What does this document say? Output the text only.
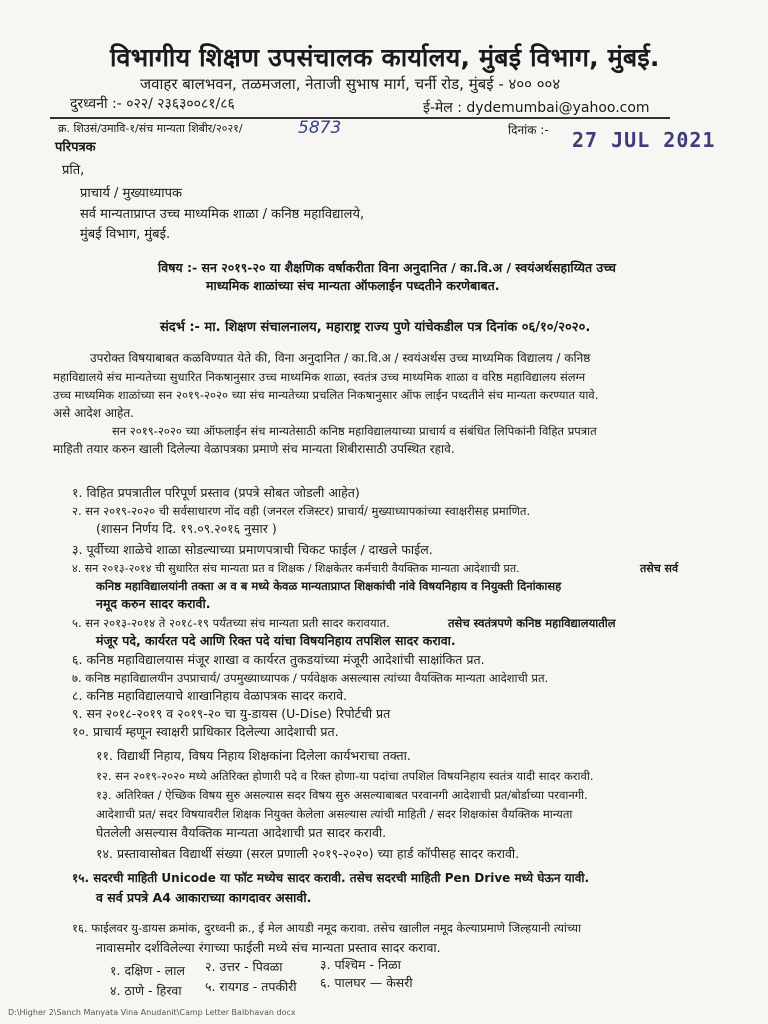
विभागीय शिक्षण उपसंचालक कार्यालय, मुंबई विभाग, मुंबई.
जवाहर बालभवन, तळमजला, नेताजी सुभाष मार्ग, चर्नी रोड, मुंबई - ४०० ००४
दुरध्वनी :- ०२२/ २३६३००८१/८६	ई-मेल : dydemumbai@yahoo.com
क्र. शिउसं/उमावि-१/संच मान्यता शिबीर/२०२१/	5873	दिनांक :- 27 JUL 2021
परिपत्रक
प्रति,
प्राचार्य / मुख्याध्यापक
सर्व मान्यताप्राप्त उच्च माध्यमिक शाळा / कनिष्ठ महाविद्यालये,
मुंबई विभाग, मुंबई.
विषय :- सन २०१९-२० या शैक्षणिक वर्षाकरीता विना अनुदानित / का.वि.अ / स्वयंअर्थसहाय्यित उच्च
माध्यमिक शाळांच्या संच मान्यता ऑफलाईन पध्दतीने करणेबाबत.
संदर्भ :- मा. शिक्षण संचालनालय, महाराष्ट्र राज्य पुणे यांचेकडील पत्र दिनांक ०६/१०/२०२०.
उपरोक्त विषयाबाबत कळविण्यात येते की, विना अनुदानित / का.वि.अ / स्वयंअर्थस उच्च माध्यमिक विद्यालय / कनिष्ठ
महाविद्यालये संच मान्यतेच्या सुधारित निकषानुसार उच्च माध्यमिक शाळा, स्वतंत्र उच्च माध्यमिक शाळा व वरिष्ठ महाविद्यालय संलग्न
उच्च माध्यमिक शाळांच्या सन २०१९-२०२० च्या संच मान्यतेच्या प्रचलित निकषानुसार ऑफ लाईन पध्दतीने संच मान्यता करण्यात यावे.
असे आदेश आहेत.
सन २०१९-२०२० च्या ऑफलाईन संच मान्यतेसाठी कनिष्ठ महाविद्यालयाच्या प्राचार्य व संबंधित लिपिकांनी विहित प्रपत्रात
माहिती तयार करुन खाली दिलेल्या वेळापत्रका प्रमाणे संच मान्यता शिबीरासाठी उपस्थित रहावे.
१. विहित प्रपत्रातील परिपूर्ण प्रस्ताव (प्रपत्रे सोबत जोडली आहेत)
२. सन २०१९-२०२० ची सर्वसाधारण नोंद वही (जनरल रजिस्टर) प्राचार्य/ मुख्याध्यापकांच्या स्वाक्षरीसह प्रमाणित.
(शासन निर्णय दि. १९.०९.२०१६ नुसार )
३. पूर्वीच्या शाळेचे शाळा सोडल्याच्या प्रमाणपत्राची चिकट फाईल / दाखले फाईल.
४. सन २०१३-२०१४ ची सुधारित संच मान्यता प्रत व शिक्षक / शिक्षकेतर कर्मचारी वैयक्तिक मान्यता आदेशाची प्रत.	तसेच सर्व
कनिष्ठ महाविद्यालयांनी तक्ता अ व ब मध्ये केवळ मान्यताप्राप्त शिक्षकांची नांवे विषयनिहाय व नियुक्ती दिनांकासह
नमूद करुन सादर करावी.
५. सन २०१३-२०१४ ते २०१८-१९ पर्यंतच्या संच मान्यता प्रती सादर करावयात.	तसेच स्वतंत्रपणे कनिष्ठ महाविद्यालयातील
मंजूर पदे, कार्यरत पदे आणि रिक्त पदे यांचा विषयनिहाय तपशिल सादर करावा.
६. कनिष्ठ महाविद्यालयास मंजूर शाखा व कार्यरत तुकडयांच्या मंजूरी आदेशांची साक्षांकित प्रत.
७. कनिष्ठ महाविद्यालयीन उपप्राचार्य/ उपमुख्याध्यापक / पर्यवेक्षक असल्यास त्यांच्या वैयक्तिक मान्यता आदेशाची प्रत.
८. कनिष्ठ महाविद्यालयाचे शाखानिहाय वेळापत्रक सादर करावे.
९. सन २०१८-२०१९ व २०१९-२० चा यु-डायस (U-Dise) रिपोर्टची प्रत
१०. प्राचार्य म्हणून स्वाक्षरी प्राधिकार दिलेल्या आदेशाची प्रत.
११. विद्यार्थी निहाय, विषय निहाय शिक्षकांना दिलेला कार्यभराचा तक्ता.
१२. सन २०१९-२०२० मध्ये अतिरिक्त होणारी पदे व रिक्त होणा-या पदांचा तपशिल विषयनिहाय स्वतंत्र यादी सादर करावी.
१३. अतिरिक्त / ऐच्छिक विषय सुरु असल्यास सदर विषय सुरु असल्याबाबत परवानगी आदेशाची प्रत/बोर्डाच्या परवानगी.
आदेशाची प्रत/ सदर विषयावरील शिक्षक नियुक्त केलेला असल्यास त्यांची माहिती / सदर शिक्षकांस वैयक्तिक मान्यता
घेतलेली असल्यास वैयक्तिक मान्यता आदेशाची प्रत सादर करावी.
१४. प्रस्तावासोबत विद्यार्थी संख्या (सरल प्रणाली २०१९-२०२०) च्या हार्ड कॉपीसह सादर करावी.
१५. सदरची माहिती Unicode या फॉट मध्येच सादर करावी. तसेच सदरची माहिती Pen Drive मध्ये घेऊन यावी.
व सर्व प्रपत्रे A4 आकाराच्या कागदावर असावी.
१६. फाईलवर यु-डायस क्रमांक, दुरध्वनी क्र., ई मेल आयडी नमूद करावा. तसेच खालील नमूद केल्याप्रमाणे जिल्हयानी त्यांच्या
नावासमोर दर्शविलेल्या रंगाच्या फाईली मध्ये संच मान्यता प्रस्ताव सादर करावा.
१. दक्षिण - लाल २. उत्तर - पिवळा	३. पश्चिम - निळा
४. ठाणे - हिरवा ५. रायगड - तपकीरी ६. पालघर — केसरी
D:\Higher 2\Sanch Manyata Vina Anudanit\Camp Letter Balbhavan docx
